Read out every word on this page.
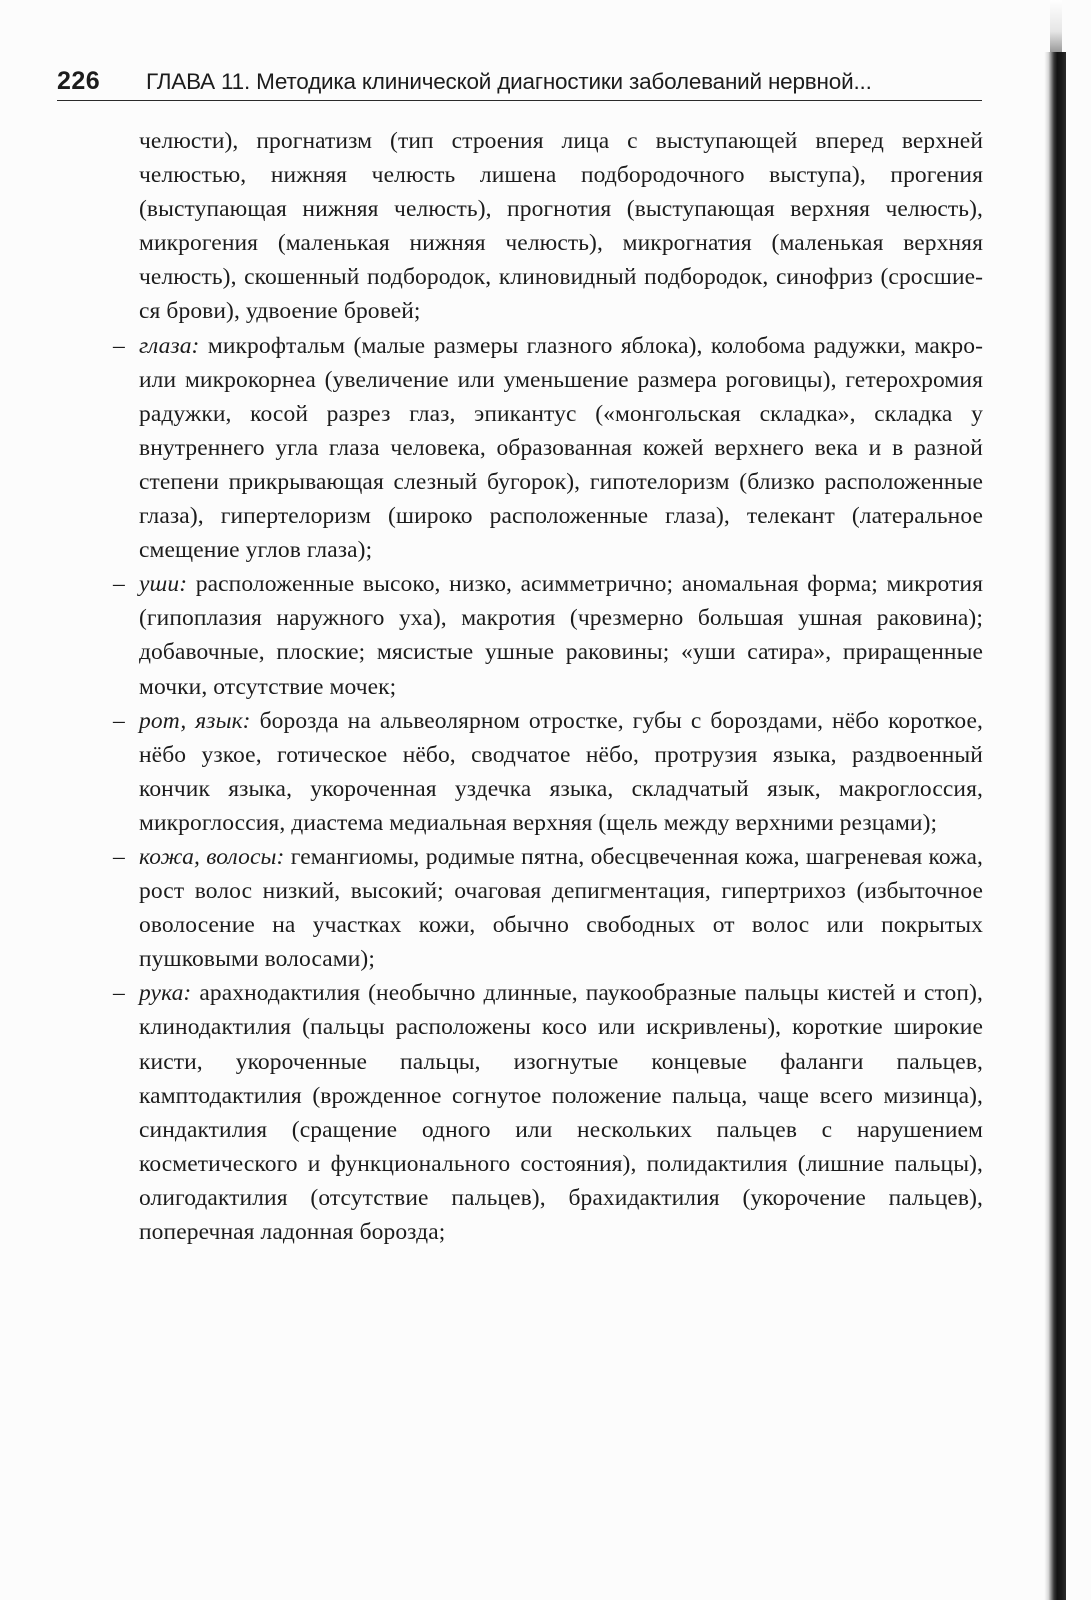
226 ГЛАВА 11. Методика клинической диагностики заболеваний нервной...

челюсти), прогнатизм (тип строения лица с выступающей вперед верхней челюстью, нижняя челюсть лишена подбородочного выступа), прогения (выступающая нижняя челюсть), прогнотия (выступающая верхняя челюсть), микрогения (маленькая нижняя челюсть), микрогнатия (маленькая верхняя челюсть), скошенный подбородок, клиновидный подбородок, синофриз (сросшиеся брови), удвоение бровей;

– глаза: микрофтальм (малые размеры глазного яблока), колобома радужки, макро- или микрокорнеа (увеличение или уменьшение размера роговицы), гетерохромия радужки, косой разрез глаз, эпикантус («монгольская складка», складка у внутреннего угла глаза человека, образованная кожей верхнего века и в разной степени прикрывающая слезный бугорок), гипотелоризм (близко расположенные глаза), гипертелоризм (широко расположенные глаза), телекант (латеральное смещение углов глаза);

– уши: расположенные высоко, низко, асимметрично; аномальная форма; микротия (гипоплазия наружного уха), макротия (чрезмерно большая ушная раковина); добавочные, плоские; мясистые ушные раковины; «уши сатира», приращенные мочки, отсутствие мочек;

– рот, язык: борозда на альвеолярном отростке, губы с бороздами, нёбо короткое, нёбо узкое, готическое нёбо, сводчатое нёбо, протрузия языка, раздвоенный кончик языка, укороченная уздечка языка, складчатый язык, макроглоссия, микроглоссия, диастема медиальная верхняя (щель между верхними резцами);

– кожа, волосы: гемангиомы, родимые пятна, обесцвеченная кожа, шагреневая кожа, рост волос низкий, высокий; очаговая депигментация, гипертрихоз (избыточное оволосение на участках кожи, обычно свободных от волос или покрытых пушковыми волосами);

– рука: арахнодактилия (необычно длинные, паукообразные пальцы кистей и стоп), клинодактилия (пальцы расположены косо или искривлены), короткие широкие кисти, укороченные пальцы, изогнутые концевые фаланги пальцев, камптодактилия (врожденное согнутое положение пальца, чаще всего мизинца), синдактилия (сращение одного или нескольких пальцев с нарушением косметического и функционального состояния), полидактилия (лишние пальцы), олигодактилия (отсутствие пальцев), брахидактилия (укорочение пальцев), поперечная ладонная борозда;
